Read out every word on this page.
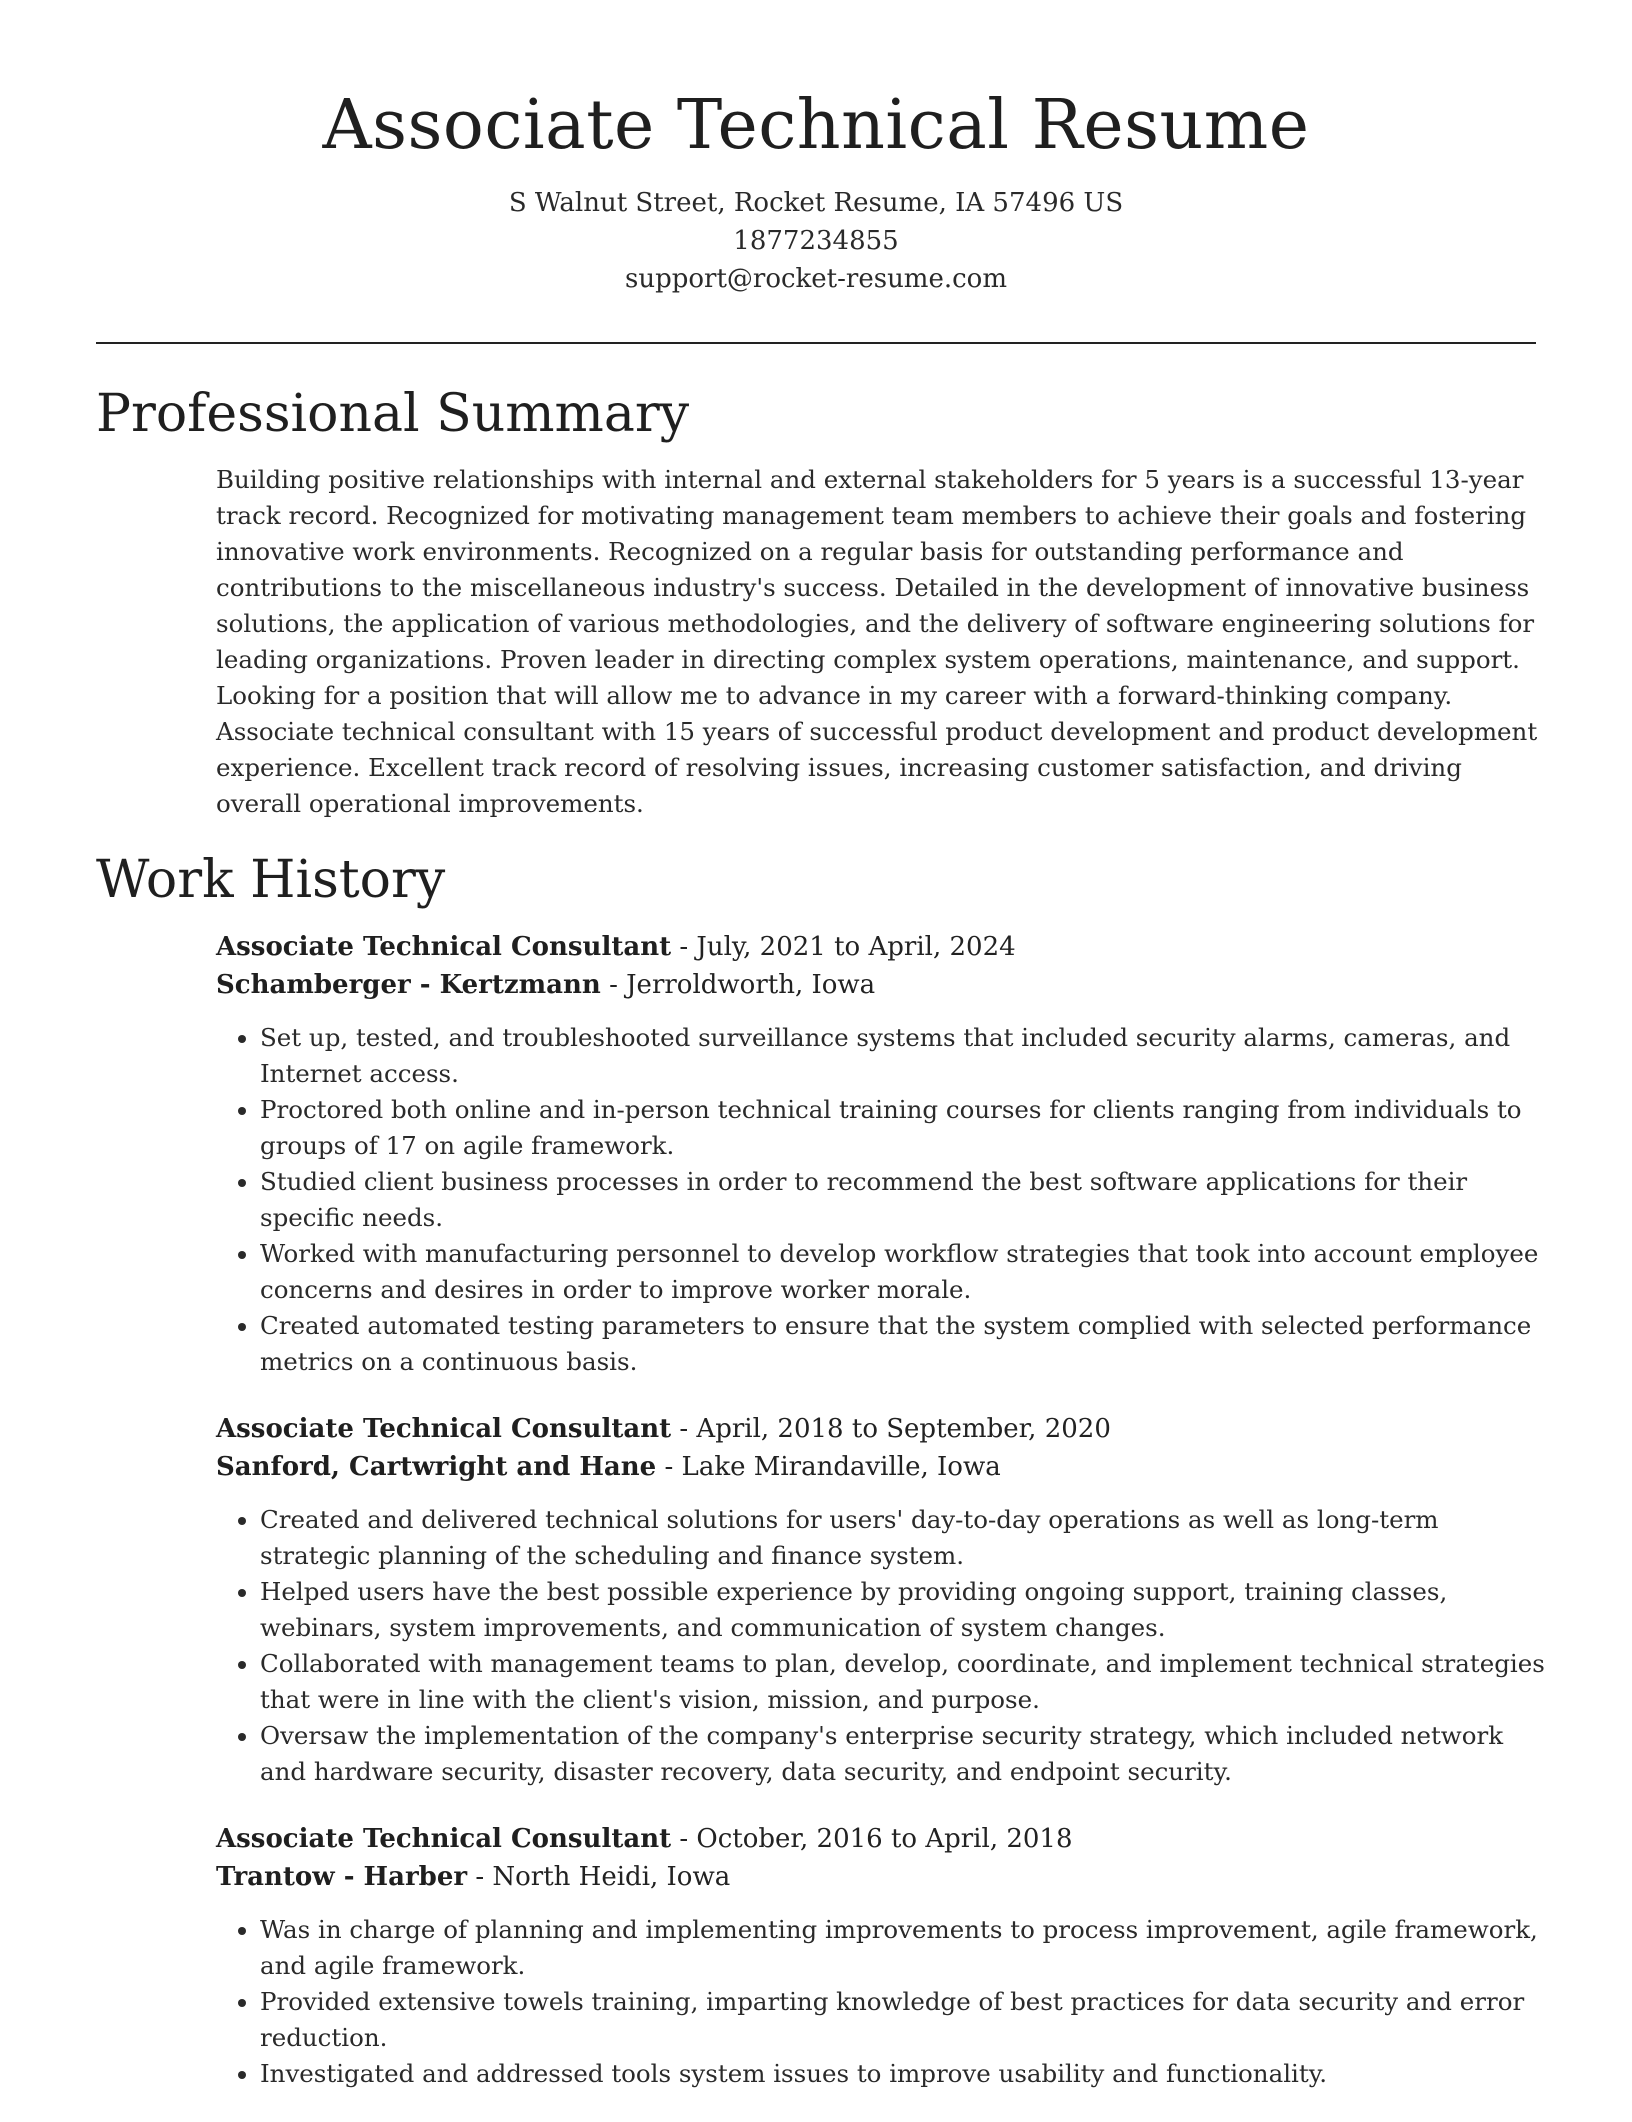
Associate Technical Resume
S Walnut Street, Rocket Resume, IA 57496 US
1877234855
support@rocket-resume.com
Professional Summary
Building positive relationships with internal and external stakeholders for 5 years is a successful 13-year track record. Recognized for motivating management team members to achieve their goals and fostering innovative work environments. Recognized on a regular basis for outstanding performance and contributions to the miscellaneous industry's success. Detailed in the development of innovative business solutions, the application of various methodologies, and the delivery of software engineering solutions for leading organizations. Proven leader in directing complex system operations, maintenance, and support. Looking for a position that will allow me to advance in my career with a forward-thinking company. Associate technical consultant with 15 years of successful product development and product development experience. Excellent track record of resolving issues, increasing customer satisfaction, and driving overall operational improvements.
Work History
Associate Technical Consultant - July, 2021 to April, 2024
Schamberger - Kertzmann - Jerroldworth, Iowa
• Set up, tested, and troubleshooted surveillance systems that included security alarms, cameras, and Internet access.
• Proctored both online and in-person technical training courses for clients ranging from individuals to groups of 17 on agile framework.
• Studied client business processes in order to recommend the best software applications for their specific needs.
• Worked with manufacturing personnel to develop workflow strategies that took into account employee concerns and desires in order to improve worker morale.
• Created automated testing parameters to ensure that the system complied with selected performance metrics on a continuous basis.
Associate Technical Consultant - April, 2018 to September, 2020
Sanford, Cartwright and Hane - Lake Mirandaville, Iowa
• Created and delivered technical solutions for users' day-to-day operations as well as long-term strategic planning of the scheduling and finance system.
• Helped users have the best possible experience by providing ongoing support, training classes, webinars, system improvements, and communication of system changes.
• Collaborated with management teams to plan, develop, coordinate, and implement technical strategies that were in line with the client's vision, mission, and purpose.
• Oversaw the implementation of the company's enterprise security strategy, which included network and hardware security, disaster recovery, data security, and endpoint security.
Associate Technical Consultant - October, 2016 to April, 2018
Trantow - Harber - North Heidi, Iowa
• Was in charge of planning and implementing improvements to process improvement, agile framework, and agile framework.
• Provided extensive towels training, imparting knowledge of best practices for data security and error reduction.
• Investigated and addressed tools system issues to improve usability and functionality.
